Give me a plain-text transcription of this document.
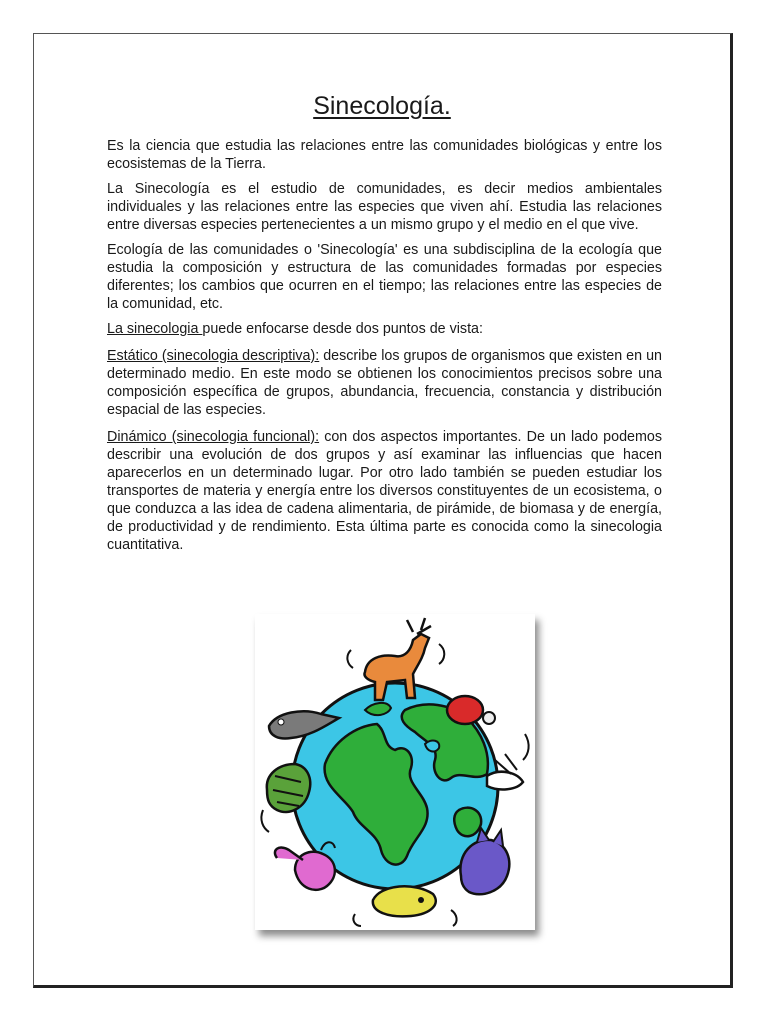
Sinecología.

Es la ciencia que estudia las relaciones entre las comunidades biológicas y entre los ecosistemas de la Tierra.

La Sinecología es el estudio de comunidades, es decir medios ambientales individuales y las relaciones entre las especies que viven ahí. Estudia las relaciones entre diversas especies pertenecientes a un mismo grupo y el medio en el que vive.

Ecología de las comunidades o 'Sinecología' es una subdisciplina de la ecología que estudia la composición y estructura de las comunidades formadas por especies diferentes; los cambios que ocurren en el tiempo; las relaciones entre las especies de la comunidad, etc.

La sinecologia puede enfocarse desde dos puntos de vista:

Estático (sinecologia descriptiva): describe los grupos de organismos que existen en un determinado medio. En este modo se obtienen los conocimientos precisos sobre una composición específica de grupos, abundancia, frecuencia, constancia y distribución espacial de las especies.

Dinámico (sinecologia funcional): con dos aspectos importantes. De un lado podemos describir una evolución de dos grupos y así examinar las influencias que hacen aparecerlos en un determinado lugar. Por otro lado también se pueden estudiar los transportes de materia y energía entre los diversos constituyentes de un ecosistema, o que conduzca a las idea de cadena alimentaria, de pirámide, de biomasa y de energía, de productividad y de rendimiento. Esta última parte es conocida como la sinecologia cuantitativa.
